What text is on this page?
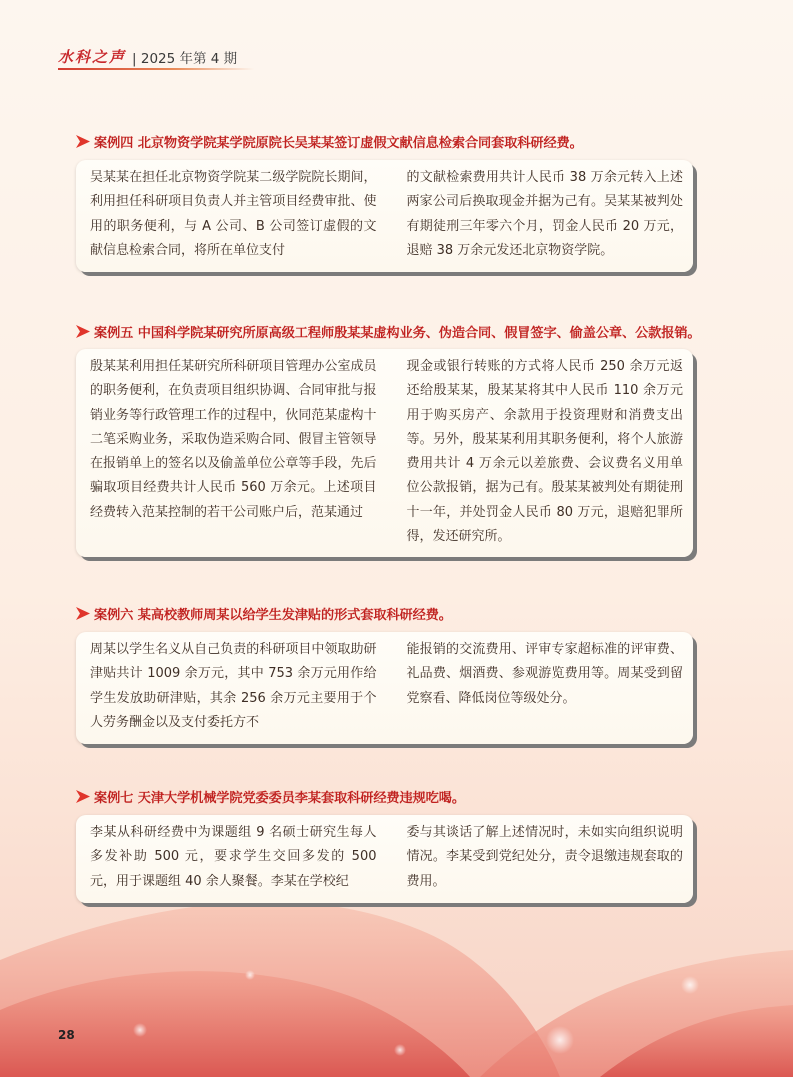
水科之声 | 2025 年第 4 期
案例四 北京物资学院某学院原院长吴某某签订虚假文献信息检索合同套取科研经费。
吴某某在担任北京物资学院某二级学院院长期间，利用担任科研项目负责人并主管项目经费审批、使用的职务便利，与 A 公司、B 公司签订虚假的文献信息检索合同，将所在单位支付
的文献检索费用共计人民币 38 万余元转入上述两家公司后换取现金并据为己有。吴某某被判处有期徒刑三年零六个月，罚金人民币 20 万元，退赔 38 万余元发还北京物资学院。
案例五 中国科学院某研究所原高级工程师殷某某虚构业务、伪造合同、假冒签字、偷盖公章、公款报销。
殷某某利用担任某研究所科研项目管理办公室成员的职务便利，在负责项目组织协调、合同审批与报销业务等行政管理工作的过程中，伙同范某虚构十二笔采购业务，采取伪造采购合同、假冒主管领导在报销单上的签名以及偷盖单位公章等手段，先后骗取项目经费共计人民币 560 万余元。上述项目经费转入范某控制的若干公司账户后，范某通过
现金或银行转账的方式将人民币 250 余万元返还给殷某某，殷某某将其中人民币 110 余万元用于购买房产、余款用于投资理财和消费支出等。另外，殷某某利用其职务便利，将个人旅游费用共计 4 万余元以差旅费、会议费名义用单位公款报销，据为己有。殷某某被判处有期徒刑十一年，并处罚金人民币 80 万元，退赔犯罪所得，发还研究所。
案例六 某高校教师周某以给学生发津贴的形式套取科研经费。
周某以学生名义从自己负责的科研项目中领取助研津贴共计 1009 余万元，其中 753 余万元用作给学生发放助研津贴，其余 256 余万元主要用于个人劳务酬金以及支付委托方不
能报销的交流费用、评审专家超标准的评审费、礼品费、烟酒费、参观游览费用等。周某受到留党察看、降低岗位等级处分。
案例七 天津大学机械学院党委委员李某套取科研经费违规吃喝。
李某从科研经费中为课题组 9 名硕士研究生每人多发补助 500 元，要求学生交回多发的 500 元，用于课题组 40 余人聚餐。李某在学校纪
委与其谈话了解上述情况时，未如实向组织说明情况。李某受到党纪处分，责令退缴违规套取的费用。
28
